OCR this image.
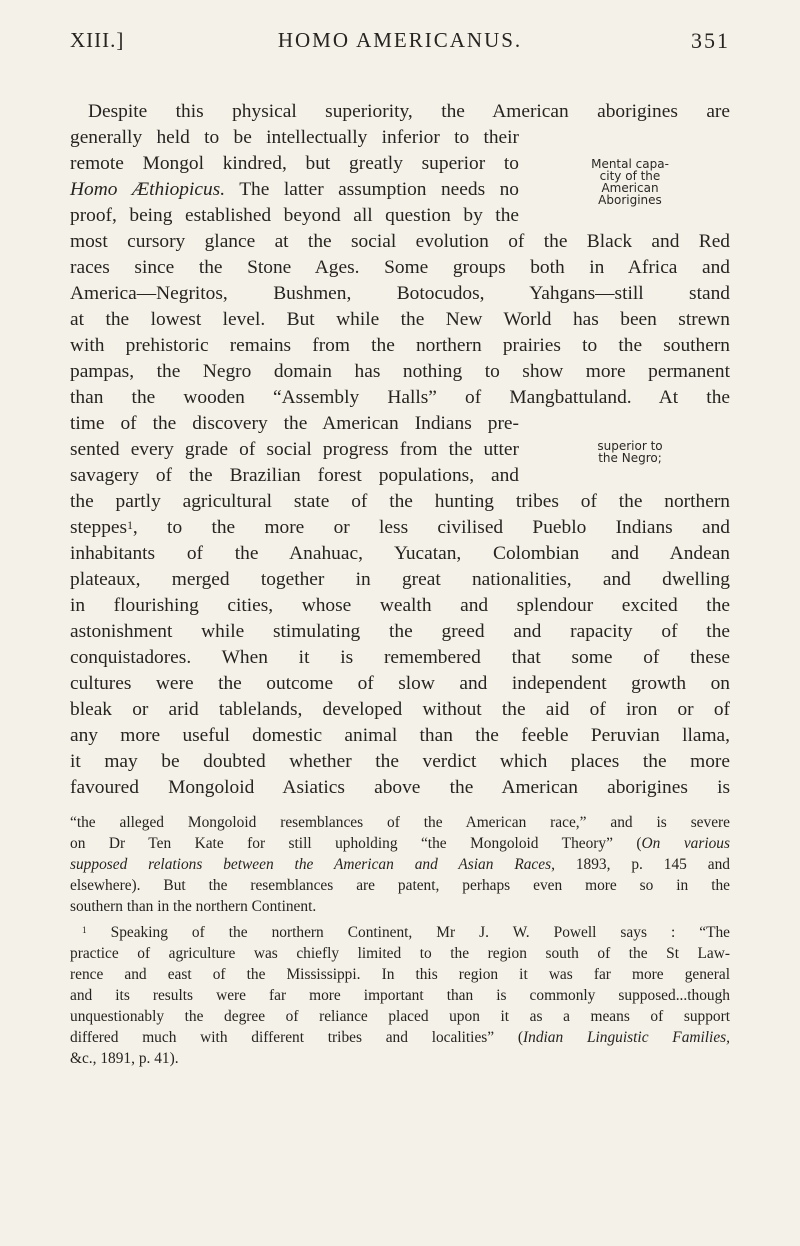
XIII.]	HOMO AMERICANUS.	351
Despite this physical superiority, the American aborigines are
generally held to be intellectually inferior to their
remote Mongol kindred, but greatly superior to
Homo Æthiopicus. The latter assumption needs no
proof, being established beyond all question by the
most cursory glance at the social evolution of the Black and Red
races since the Stone Ages. Some groups both in Africa and
America—Negritos, Bushmen, Botocudos, Yahgans—still stand
at the lowest level. But while the New World has been strewn
with prehistoric remains from the northern prairies to the southern
pampas, the Negro domain has nothing to show more permanent
than the wooden “Assembly Halls” of Mangbattuland. At the
time of the discovery the American Indians pre-
sented every grade of social progress from the utter
savagery of the Brazilian forest populations, and
the partly agricultural state of the hunting tribes of the northern
steppes$^1$, to the more or less civilised Pueblo Indians and
inhabitants of the Anahuac, Yucatan, Colombian and Andean
plateaux, merged together in great nationalities, and dwelling
in flourishing cities, whose wealth and splendour excited the
astonishment while stimulating the greed and rapacity of the
conquistadores. When it is remembered that some of these
cultures were the outcome of slow and independent growth on
bleak or arid tablelands, developed without the aid of iron or of
any more useful domestic animal than the feeble Peruvian llama,
it may be doubted whether the verdict which places the more
favoured Mongoloid Asiatics above the American aborigines is
Mental capa-
city of the
American
Aborigines
superior to
the Negro;
“the alleged Mongoloid resemblances of the American race,” and is severe
on Dr Ten Kate for still upholding “the Mongoloid Theory” (On various
supposed relations between the American and Asian Races, 1893, p. 145 and
elsewhere). But the resemblances are patent, perhaps even more so in the
southern than in the northern Continent.
$^1$ Speaking of the northern Continent, Mr J. W. Powell says : “The
practice of agriculture was chiefly limited to the region south of the St Law-
rence and east of the Mississippi. In this region it was far more general
and its results were far more important than is commonly supposed...though
unquestionably the degree of reliance placed upon it as a means of support
differed much with different tribes and localities” (Indian Linguistic Families,
&c., 1891, p. 41).
